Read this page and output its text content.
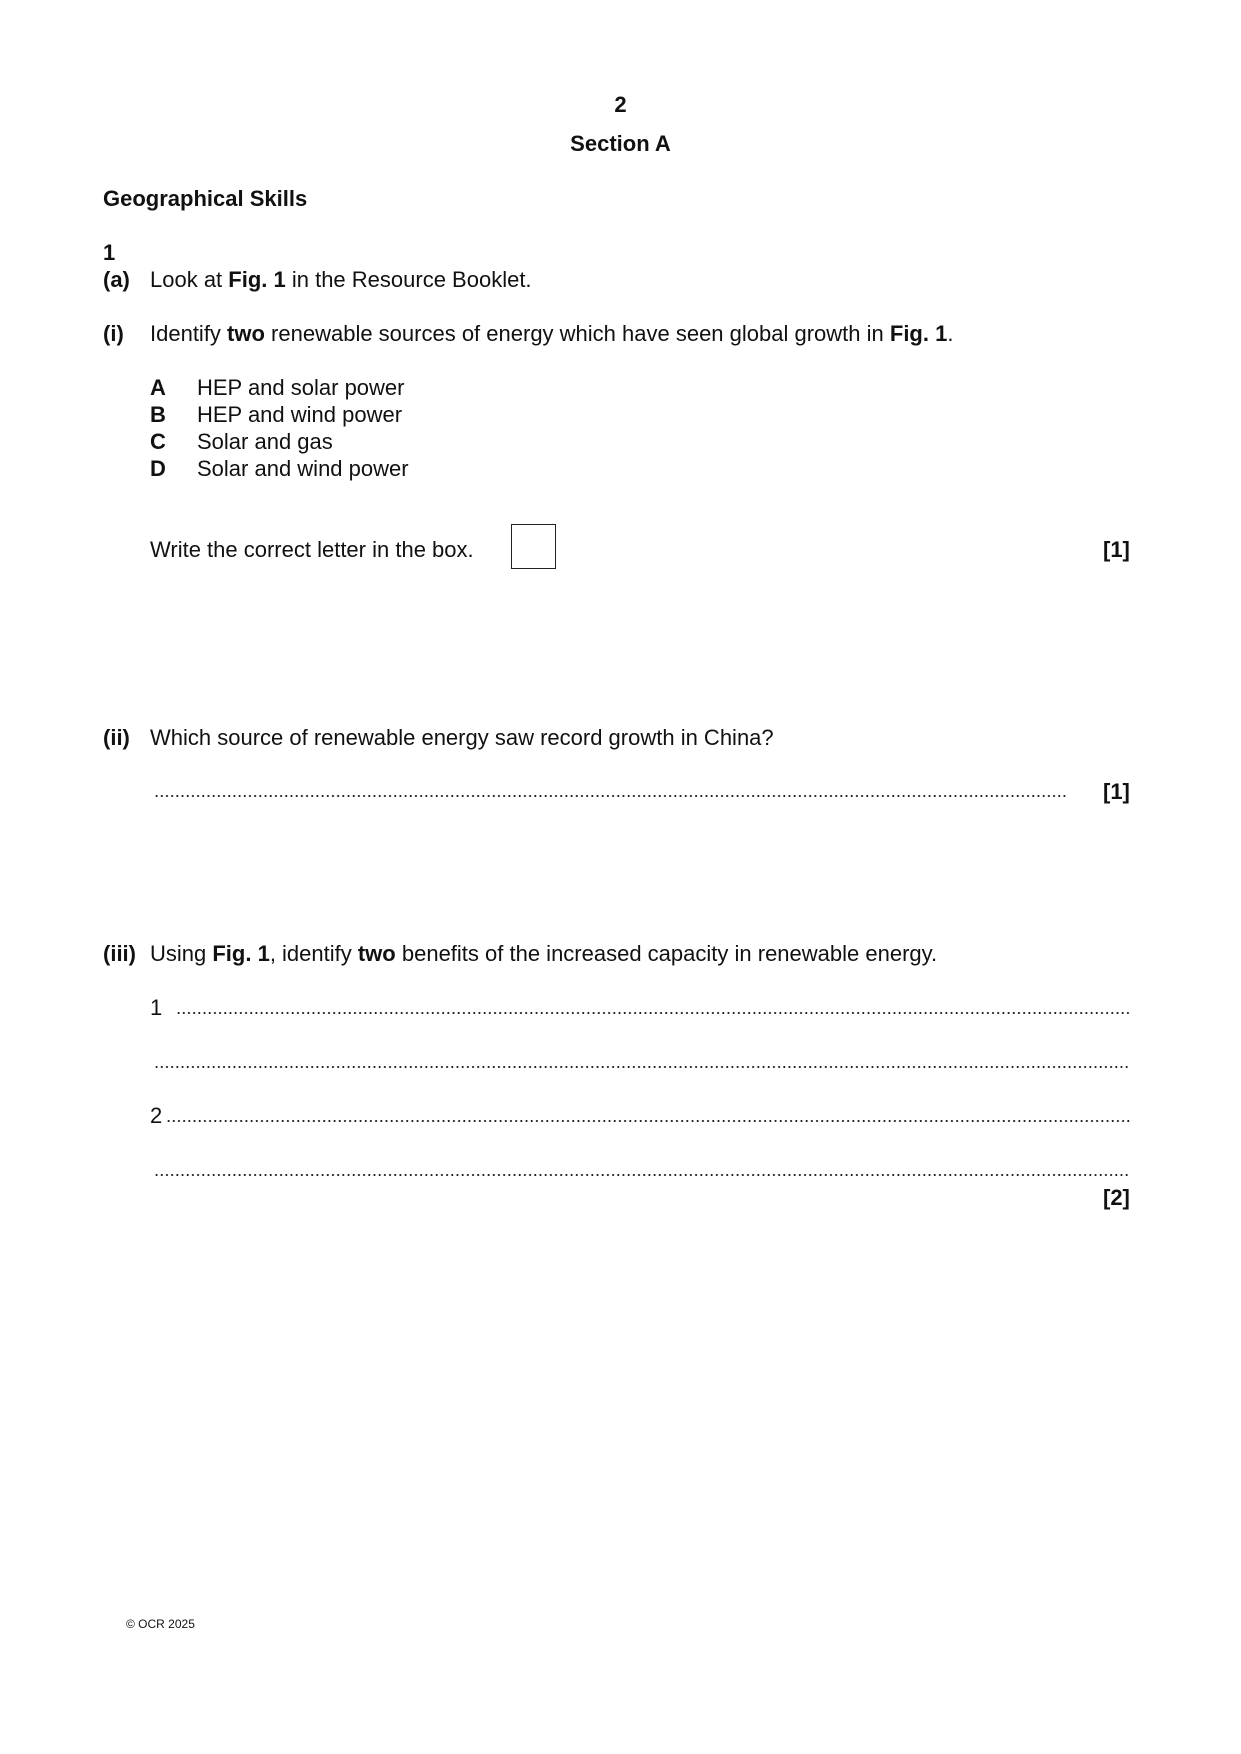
2
Section A
Geographical Skills
1
(a) Look at Fig. 1 in the Resource Booklet.
(i) Identify two renewable sources of energy which have seen global growth in Fig. 1.
A HEP and solar power
B HEP and wind power
C Solar and gas
D Solar and wind power
Write the correct letter in the box.	[1]
(ii) Which source of renewable energy saw record growth in China?
[1]
(iii) Using Fig. 1, identify two benefits of the increased capacity in renewable energy.
1
2
[2]
© OCR 2025
